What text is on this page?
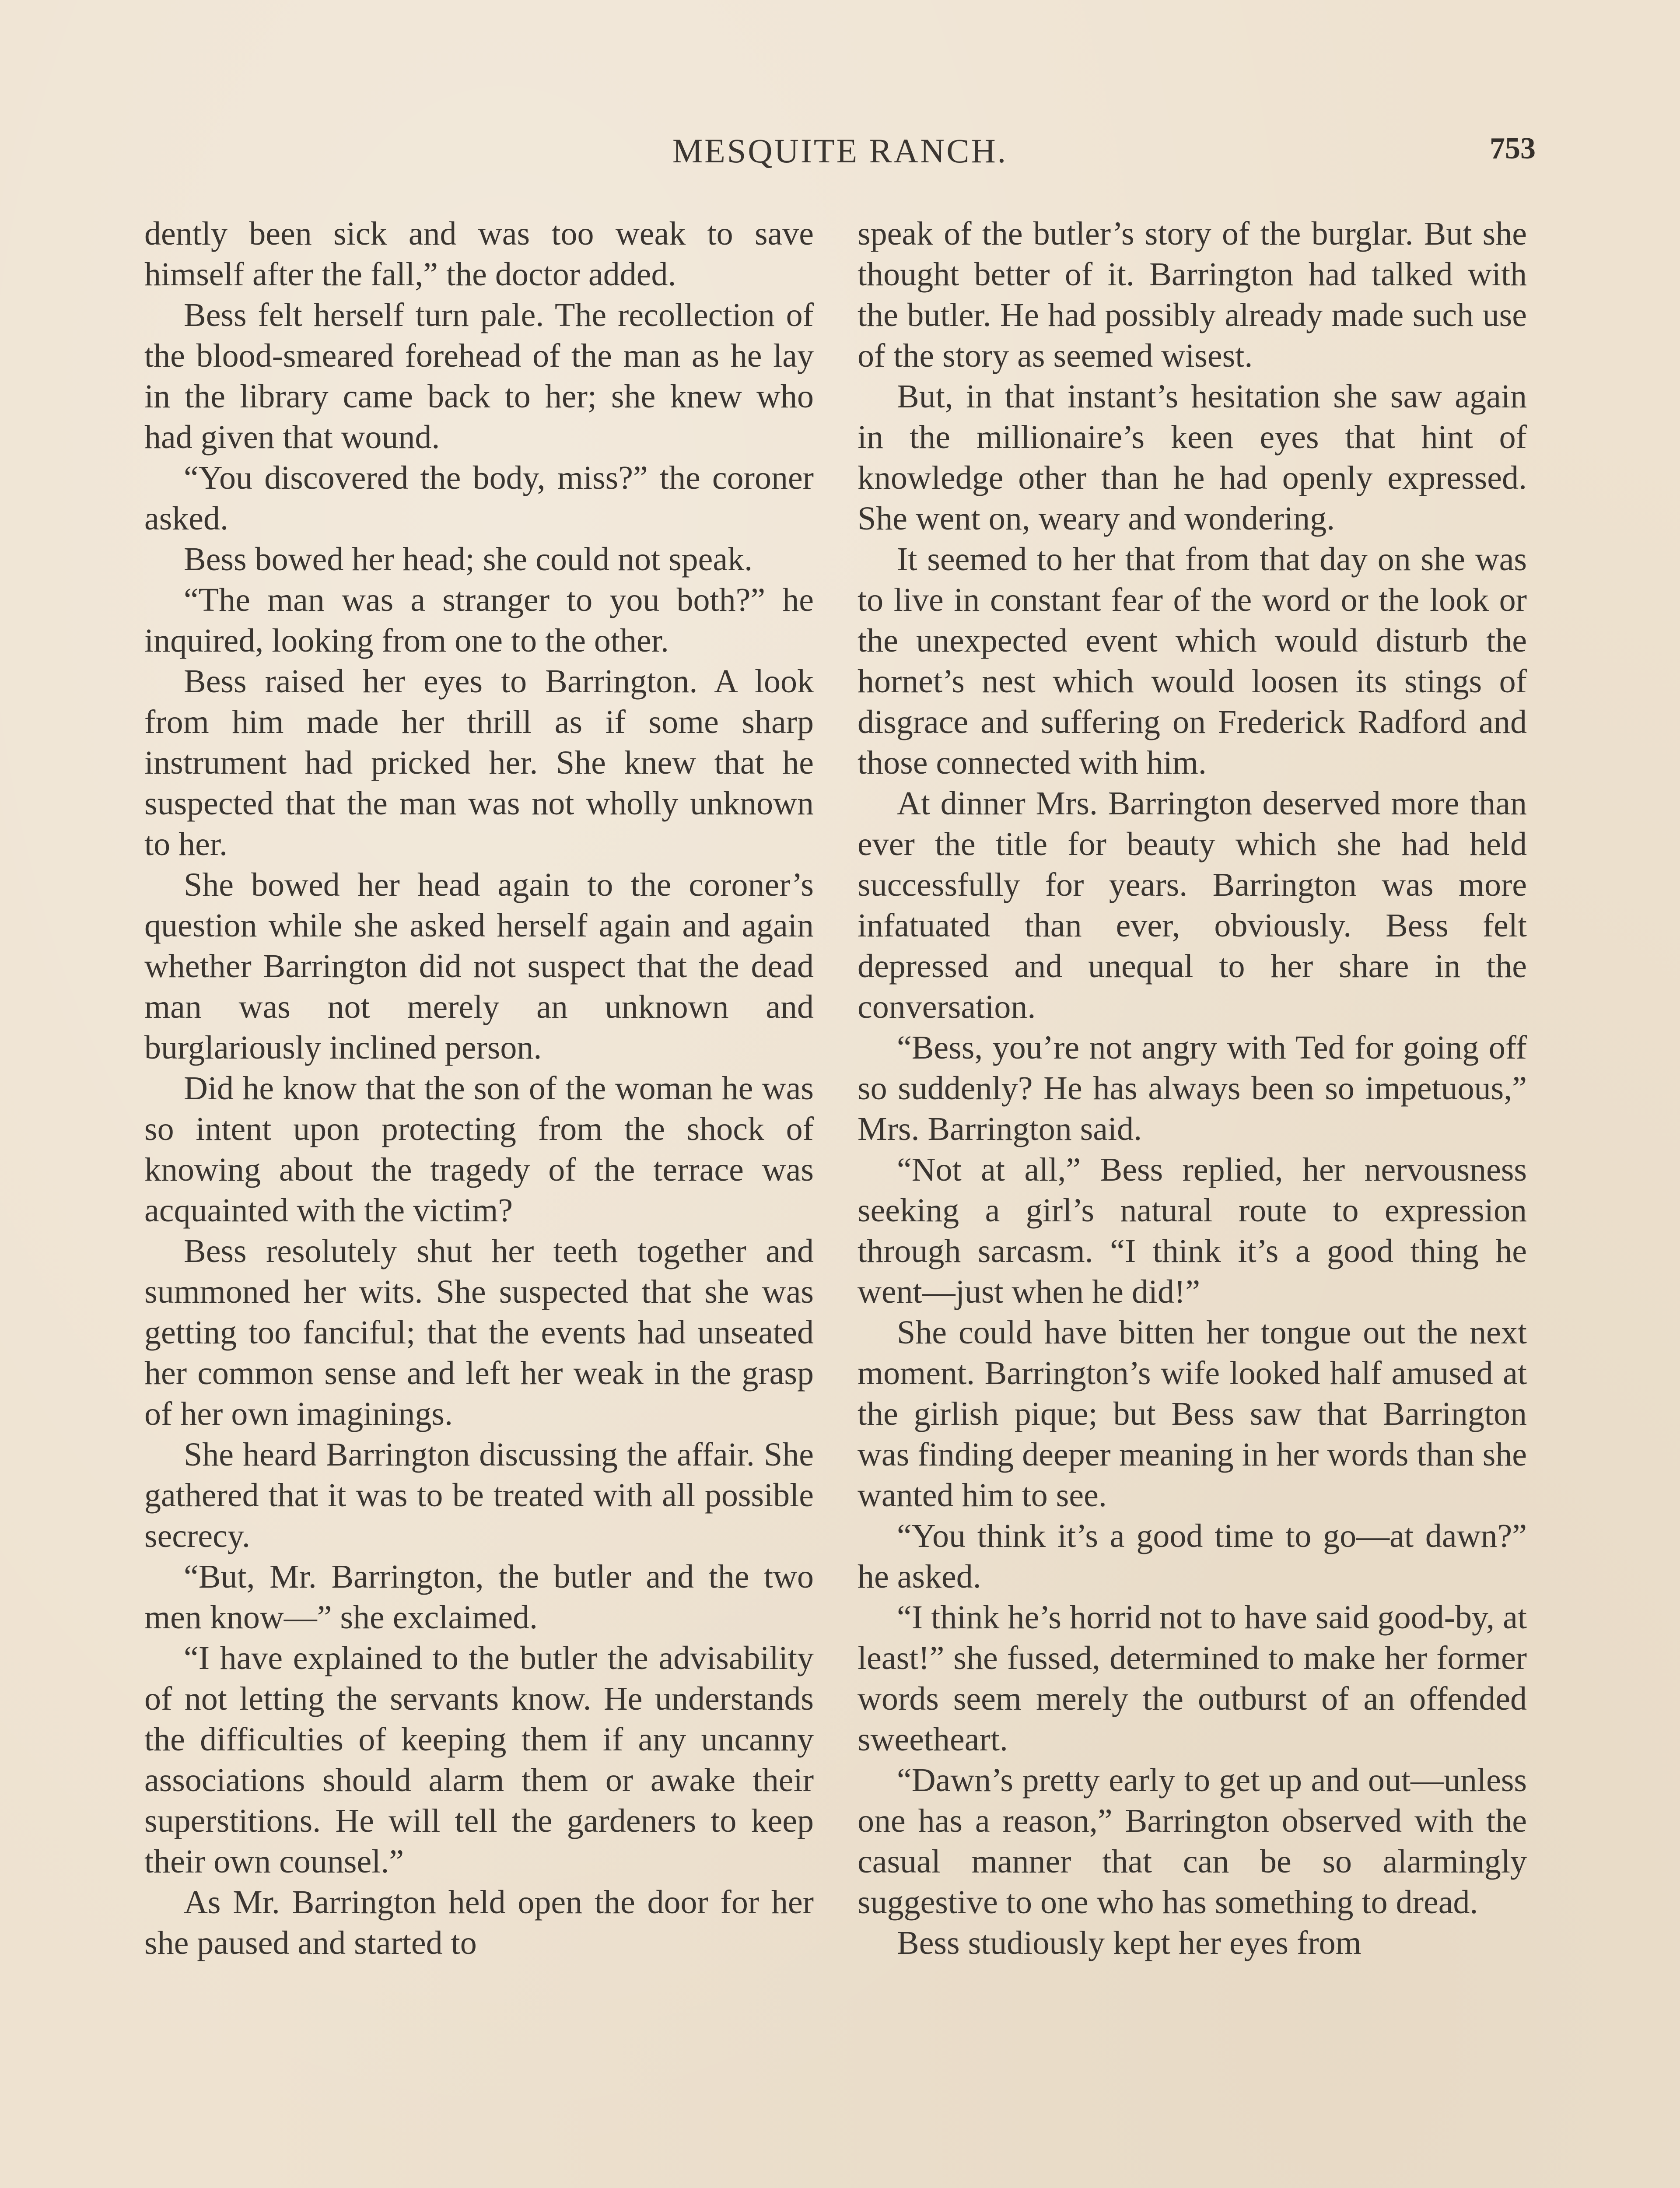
MESQUITE RANCH.	753

dently been sick and was too weak to save himself after the fall,” the doctor added.

Bess felt herself turn pale. The recollection of the blood-smeared forehead of the man as he lay in the library came back to her; she knew who had given that wound.

“You discovered the body, miss?” the coroner asked.

Bess bowed her head; she could not speak.

“The man was a stranger to you both?” he inquired, looking from one to the other.

Bess raised her eyes to Barrington. A look from him made her thrill as if some sharp instrument had pricked her. She knew that he suspected that the man was not wholly unknown to her.

She bowed her head again to the coroner’s question while she asked herself again and again whether Barrington did not suspect that the dead man was not merely an unknown and burglariously inclined person.

Did he know that the son of the woman he was so intent upon protecting from the shock of knowing about the tragedy of the terrace was acquainted with the victim?

Bess resolutely shut her teeth together and summoned her wits. She suspected that she was getting too fanciful; that the events had unseated her common sense and left her weak in the grasp of her own imaginings.

She heard Barrington discussing the affair. She gathered that it was to be treated with all possible secrecy.

“But, Mr. Barrington, the butler and the two men know—” she exclaimed.

“I have explained to the butler the advisability of not letting the servants know. He understands the difficulties of keeping them if any uncanny associations should alarm them or awake their superstitions. He will tell the gardeners to keep their own counsel.”

As Mr. Barrington held open the door for her she paused and started to

speak of the butler’s story of the burglar. But she thought better of it. Barrington had talked with the butler. He had possibly already made such use of the story as seemed wisest.

But, in that instant’s hesitation she saw again in the millionaire’s keen eyes that hint of knowledge other than he had openly expressed. She went on, weary and wondering.

It seemed to her that from that day on she was to live in constant fear of the word or the look or the unexpected event which would disturb the hornet’s nest which would loosen its stings of disgrace and suffering on Frederick Radford and those connected with him.

At dinner Mrs. Barrington deserved more than ever the title for beauty which she had held successfully for years. Barrington was more infatuated than ever, obviously. Bess felt depressed and unequal to her share in the conversation.

“Bess, you’re not angry with Ted for going off so suddenly? He has always been so impetuous,” Mrs. Barrington said.

“Not at all,” Bess replied, her nervousness seeking a girl’s natural route to expression through sarcasm. “I think it’s a good thing he went—just when he did!”

She could have bitten her tongue out the next moment. Barrington’s wife looked half amused at the girlish pique; but Bess saw that Barrington was finding deeper meaning in her words than she wanted him to see.

“You think it’s a good time to go—at dawn?” he asked.

“I think he’s horrid not to have said good-by, at least!” she fussed, determined to make her former words seem merely the outburst of an offended sweetheart.

“Dawn’s pretty early to get up and out—unless one has a reason,” Barrington observed with the casual manner that can be so alarmingly suggestive to one who has something to dread.

Bess studiously kept her eyes from
